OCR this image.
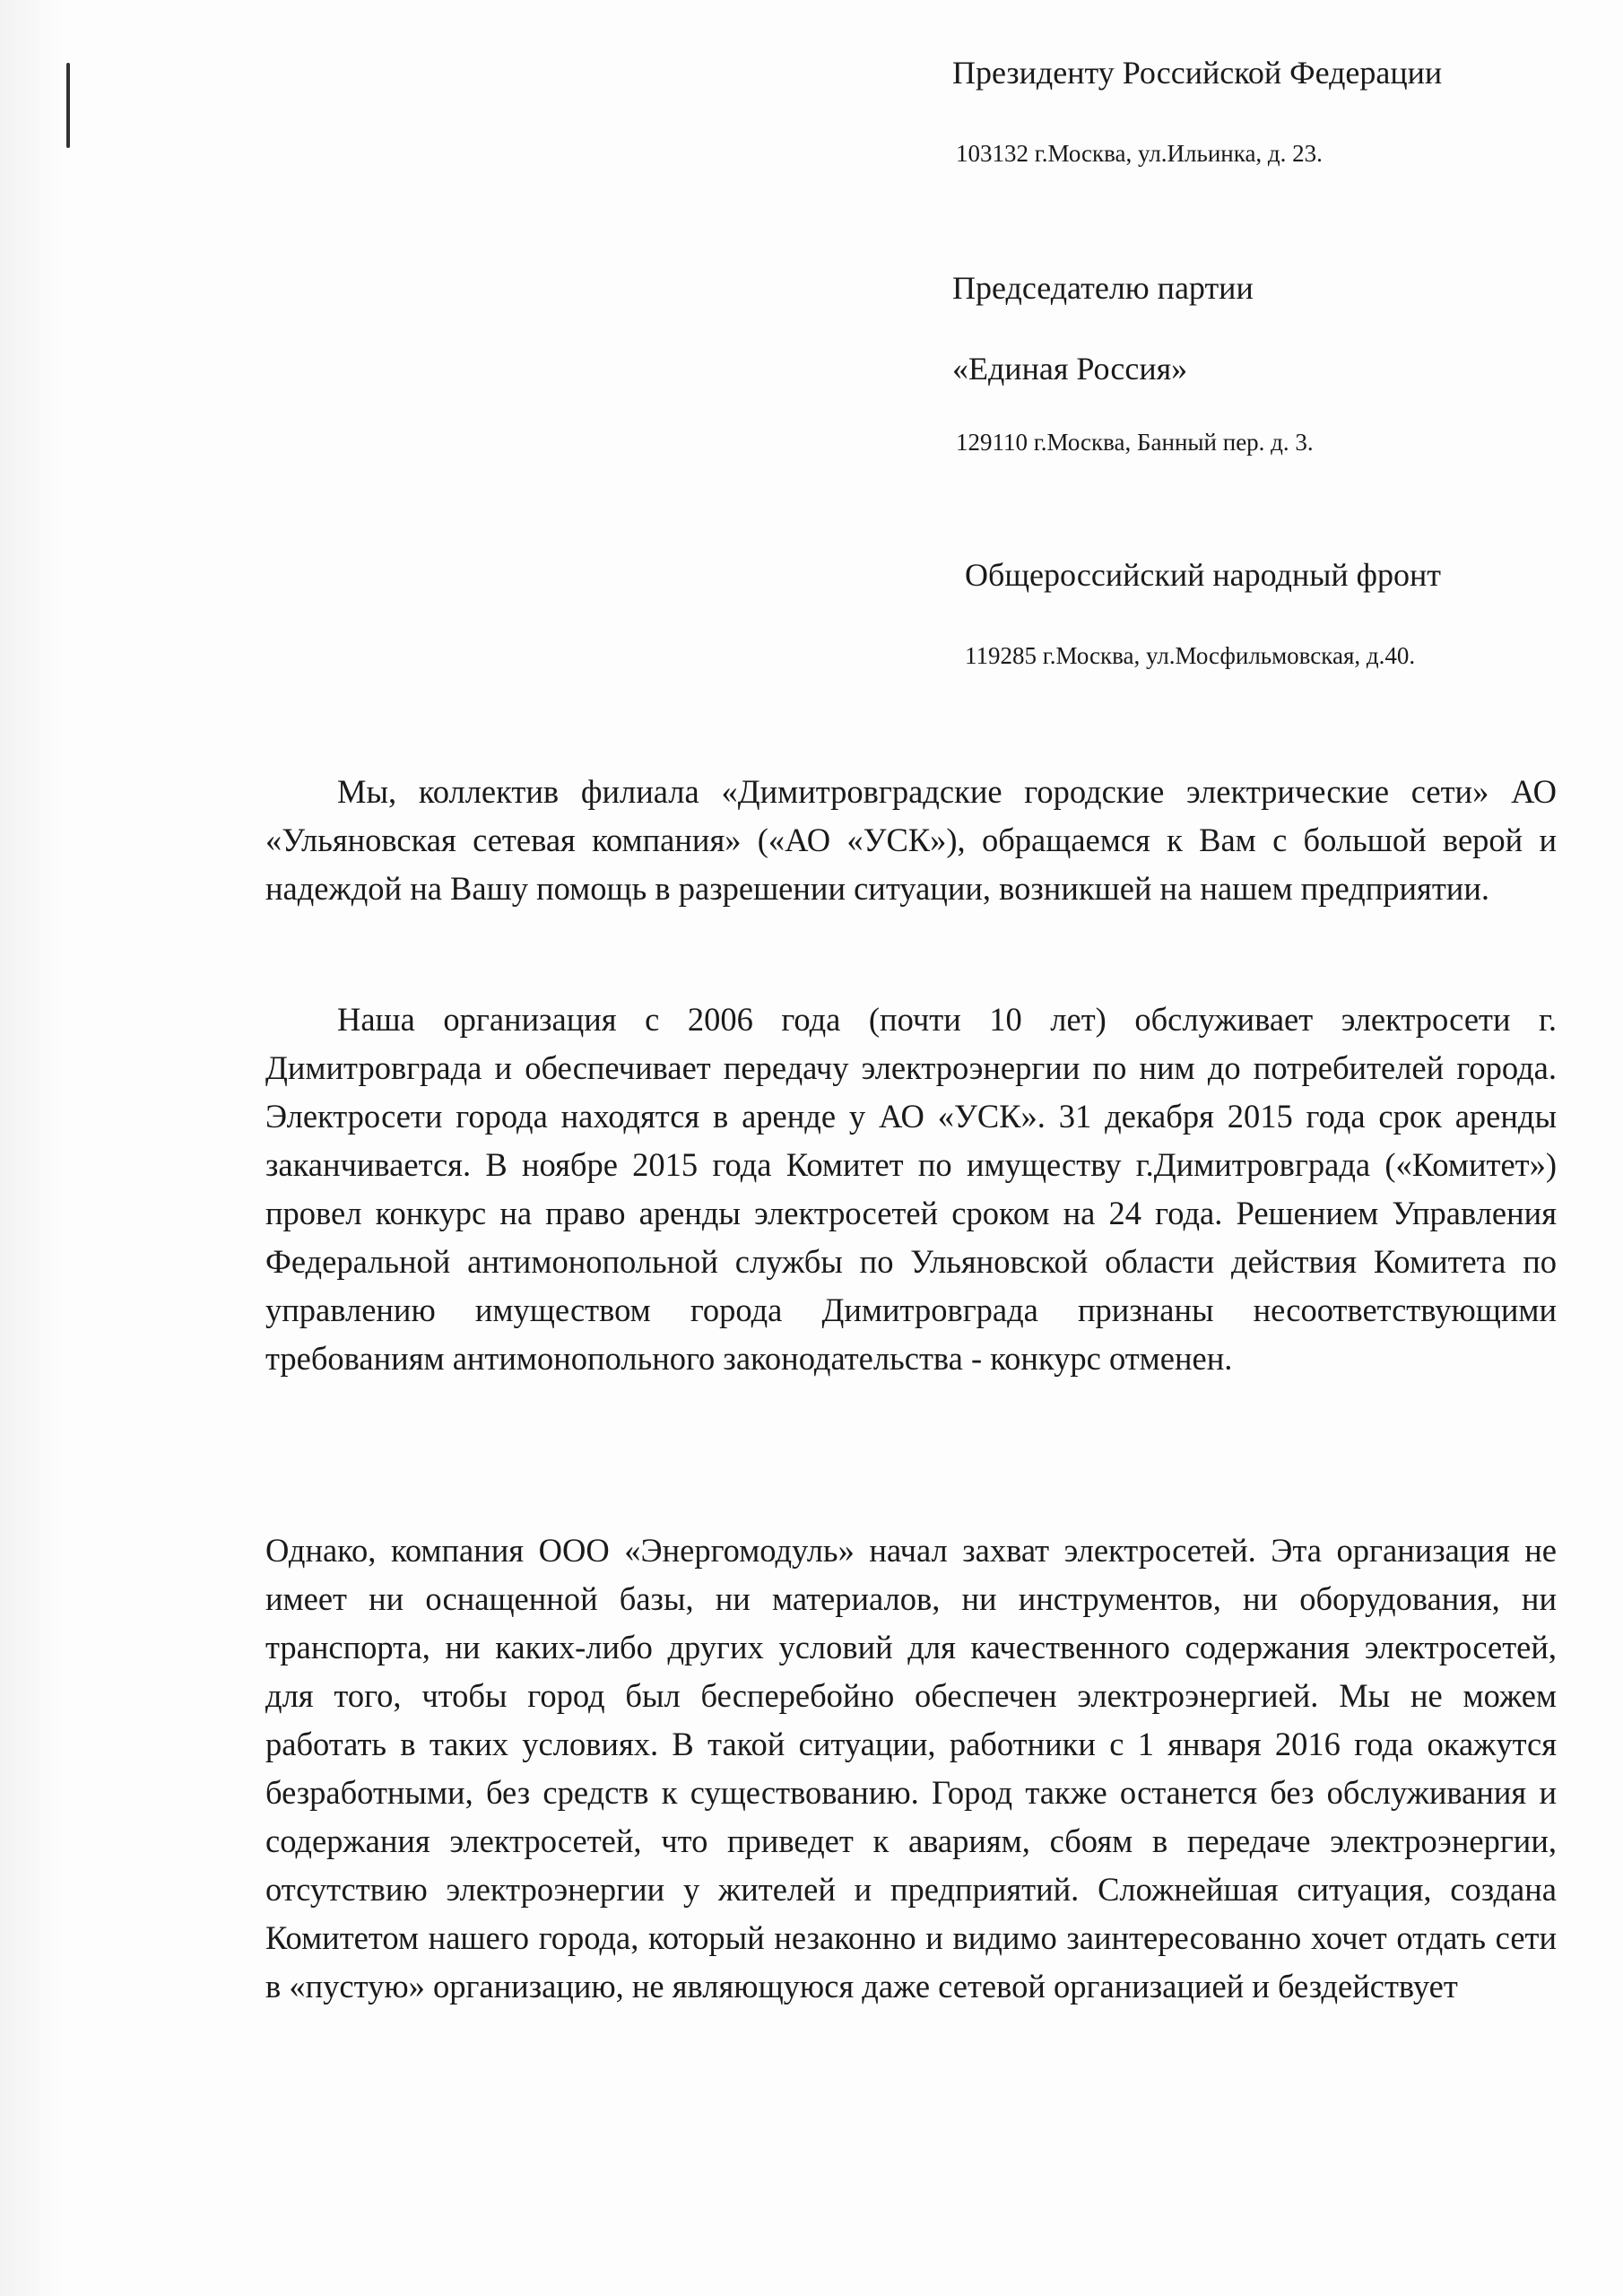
Президенту Российской Федерации
103132 г.Москва, ул.Ильинка, д. 23.
Председателю партии
«Единая Россия»
129110 г.Москва, Банный пер. д. 3.
Общероссийский народный фронт
119285 г.Москва, ул.Мосфильмовская, д.40.

Мы, коллектив филиала «Димитровградские городские электрические сети» АО «Ульяновская сетевая компания» («АО «УСК»), обращаемся к Вам с большой верой и надеждой на Вашу помощь в разрешении ситуации, возникшей на нашем предприятии.

Наша организация с 2006 года (почти 10 лет) обслуживает электросети г. Димитровграда и обеспечивает передачу электроэнергии по ним до потребителей города. Электросети города находятся в аренде у АО «УСК». 31 декабря 2015 года срок аренды заканчивается. В ноябре 2015 года Комитет по имуществу г.Димитровграда («Комитет») провел конкурс на право аренды электросетей сроком на 24 года. Решением Управления Федеральной антимонопольной службы по Ульяновской области действия Комитета по управлению имуществом города Димитровграда признаны несоответствующими требованиям антимонопольного законодательства - конкурс отменен.

Однако, компания ООО «Энергомодуль» начал захват электросетей. Эта организация не имеет ни оснащенной базы, ни материалов, ни инструментов, ни оборудования, ни транспорта, ни каких-либо других условий для качественного содержания электросетей, для того, чтобы город был бесперебойно обеспечен электроэнергией. Мы не можем работать в таких условиях. В такой ситуации, работники с 1 января 2016 года окажутся безработными, без средств к существованию. Город также останется без обслуживания и содержания электросетей, что приведет к авариям, сбоям в передаче электроэнергии, отсутствию электроэнергии у жителей и предприятий. Сложнейшая ситуация, создана Комитетом нашего города, который незаконно и видимо заинтересованно хочет отдать сети в «пустую» организацию, не являющуюся даже сетевой организацией и бездействует
